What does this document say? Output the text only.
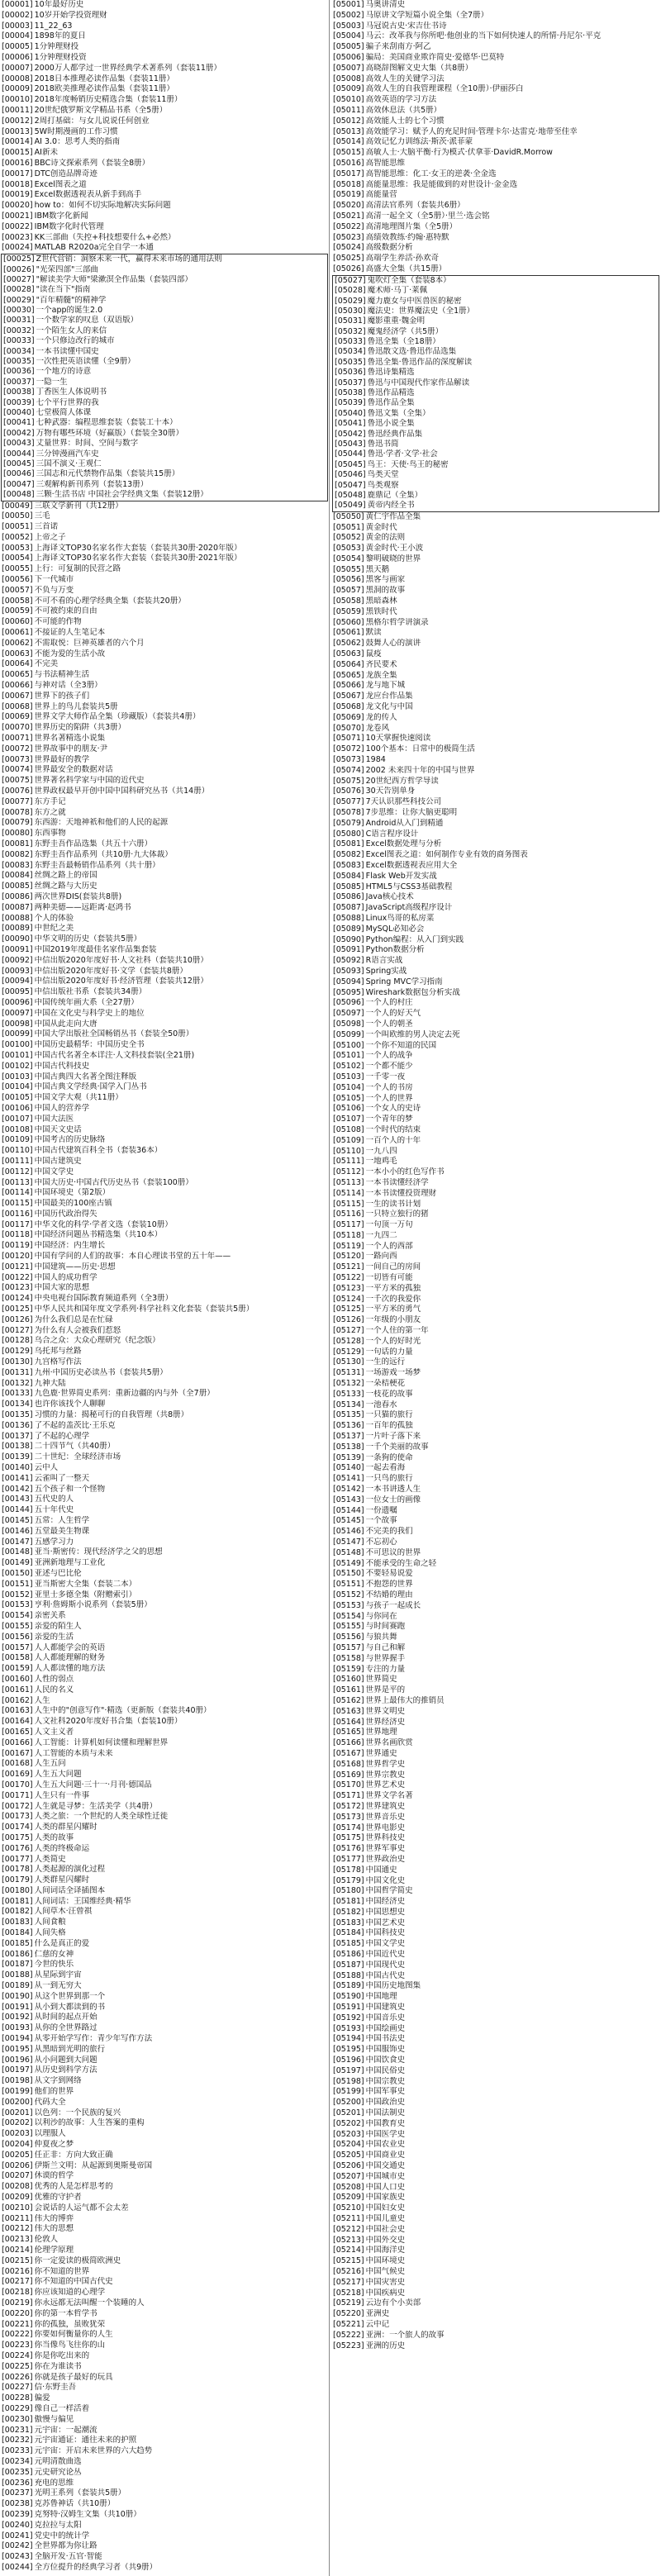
[00001] 10年最好历史
[00002] 10岁开始学投资理财
[00003] 11_22_63
[00004] 1898年的夏日
[00005] 1分钟理财投
[00006] 1分钟理财投资
[00007] 2000万人都学过一世界经典学术著系列（套装11册）
[00008] 2018日本推理必读作品集（套装11册）
[00009] 2018欧美推理必读作品集（套装11册）
[00010] 2018年度畅销历史精选合集（套装11册）
[00011] 20世纪俄罗斯文学精品书系（全5册）
[00012] 2周打基础：与女儿说说任何创业
[00013] 5W时期漫画的工作习惯
[00014] AI 3.0：思考人类的指南
[00015] AI新未
[00016] BBC诗文探索系列（套装全8册）
[00017] DTC创造品牌奇迹
[00018] Excel图表之道
[00019] Excel数据透视表从新手到高手
[00020] how to：如何不切实际地解决实际问题
[00021] IBM数字化新闻
[00022] IBM数字化时代管理
[00023] KK三部曲（失控+科技想要什么+必然）
[00024] MATLAB R2020a完全自学一本通
[00025] Z世代营销：洞察未来一代，赢得未来市场的通用法则
[00026] "光荣四部"三部曲
[00027] "解读美学大师"梁漱溟全作品集（套装四部）
[00028] "读在当下"指南
[00029] "百年精髓"的精神学
[00030] 一个app的诞生2.0
[00031] 一个数学家的叹息（双语版）
[00032] 一个陌生女人的来信
[00033] 一个只修边改行的城市
[00034] 一本书读懂中国史
[00035] 一次性把英语读懂（全9册）
[00036] 一个地方的诗意
[00037] 一隐一生
[00038] 丁香医生人体说明书
[00039] 七个平行世界的我
[00040] 七堂极简人体课
[00041] 七种武器：编程思维套装（套装工十本）
[00042] 万物有哪些环境（好赢版）（套装全30册）
[00043] 丈量世界：时间、空间与数字
[00044] 三分钟漫画汽车史
[00045] 三国不演义·王观仁
[00046] 三国志和元代禁物作品集（套装共15册）
[00047] 三观解构新刊系列（套装13册）
[00048] 三颗·生活书店 中国社会学经典文集（套装12册）
[00049] 三联文学新刊（共12册）
[00050] 三毛
[00051] 三首诺
[00052] 上帝之子
[00053] 上海译文TOP30名家名作大套装（套装共30册·2020年版）
[00054] 上海译文TOP30名家名作大套装（套装共30册·2021年版）
[00055] 上行：可复制的民营之路
[00056] 下一代城市
[00057] 不负与万变
[00058] 不可不看的心理学经典全集（套装共20册）
[00059] 不可被约束的自由
[00060] 不可能的作物
[00061] 不接证的人生笔记本
[00062] 不需取悦：巨神英雄者的六个月
[00063] 不能为爱的生活小故
[00064] 不完美
[00065] 与书法精神生活
[00066] 与神对话（全3册）
[00067] 世界下的孩子们
[00068] 世界上的鸟儿套装共5册
[00069] 世界文学大师作品全集（珍藏版）（套装共4册）
[00070] 世界历史的陷阱（共3册）
[00071] 世界名著精选小说集
[00072] 世界故事中的朋友·尹
[00073] 世界最好的教学
[00074] 世界最安全的数据对话
[00075] 世界著名科学家与中国的近代史
[00076] 世界政权最早开创中国中国科研究丛书（共14册）
[00077] 东方手记
[00078] 东方之就
[00079] 东西游：天地神祇和他们的人民的起源
[00080] 东西事物
[00081] 东野圭吾作品选集（共五十六册）
[00082] 东野圭吾作品系列（共10册·九大体裁）
[00083] 东野圭吾最畅销作品系列（共十册）
[00084] 丝绸之路上的帝国
[00085] 丝绸之路与大历史
[00086] 两次世界DIS(套装共8册)
[00087] 两种美德——远距离·赵鸿书
[00088] 个人的体验
[00089] 中世纪之美
[00090] 中华文明的历史（套装共5册）
[00091] 中国2019年度最佳名家作品集套装
[00092] 中信出版2020年度好书·人文社科（套装共10册）
[00093] 中信出版2020年度好书·文学（套装共8册）
[00094] 中信出版2020年度好书·经济管理（套装共12册）
[00095] 中信出版社书系（套装共34册）
[00096] 中国传统年画大系（全27册）
[00097] 中国在文化史与科学史上的地位
[00098] 中国从此走向大唐
[00099] 中国大学出版社全国畅销丛书（套装全50册）
[00100] 中国历史最精华：中国历史全书
[00101] 中国古代名著全本详注·人文科技套装(全21册)
[00102] 中国古代科技史
[00103] 中国古典四大名著全图注释版
[00104] 中国古典文学经典·国学入门丛书
[00105] 中国文学大观（共11册）
[00106] 中国人的营养学
[00107] 中国大法医
[00108] 中国天文史话
[00109] 中国考古的历史脉络
[00110] 中国古代建筑百科全书（套装36本）
[00111] 中国古建筑史
[00112] 中国文学史
[00113] 中国大历史·中国古代历史丛书（套装100册）
[00114] 中国环境史（第2版）
[00115] 中国最美的100座古镇
[00116] 中国历代政治得失
[00117] 中华文化的科学·学者文选（套装10册）
[00118] 中国经济问题丛书精选集（共10本）
[00119] 中国经济：内生增长
[00120] 中国有学问的人们的故事：本自心理读书堂的五十年——
[00121] 中国建筑——历史·思想
[00122] 中国人的成功哲学
[00123] 中国大家的思想
[00124] 中央电视台国际教育频道系列（全3册）
[00125] 中华人民共和国年度文学系列·科学社科文化套装（套装共5册）
[00126] 为什么我们总是在忙碌
[00127] 为什么有人会被我们惹怒
[00128] 乌合之众：大众心理研究（纪念版）
[00129] 乌托邦与丝路
[00130] 九宫格写作法
[00131] 九州·中国历史必读丛书（套装共5册）
[00132] 九神大陆
[00133] 九色鹿·世界简史系列：重新边疆的内与外（全7册）
[00134] 也许你该找个人聊聊
[00135] 习惯的力量：揭秘可行的自我管理（共8册）
[00136] 了不起的盖茨比·王乐克
[00137] 了不起的心理学
[00138] 二十四节气（共40册）
[00139] 二十世纪：全球经济市场
[00140] 云中人
[00141] 云雀叫了一整天
[00142] 五个孩子和一个怪物
[00143] 五代史的人
[00144] 五十年代史
[00145] 五常：人生哲学
[00146] 五堂最美生物课
[00147] 五感学习力
[00148] 亚当·斯密传：现代经济学之父的思想
[00149] 亚洲新地理与工业化
[00150] 亚述与巴比伦
[00151] 亚当斯密大全集（套装二本）
[00152] 亚里士多德全集（附赠索引）
[00153] 亨利·詹姆斯小说系列（套装5册）
[00154] 亲密关系
[00155] 亲爱的陌生人
[00156] 亲爱的生活
[00157] 人人都能学会的英语
[00158] 人人都能理解的财务
[00159] 人人都读懂的地方法
[00160] 人性的弱点
[00161] 人民的名义
[00162] 人生
[00163] 人生中的"创意写作"·精选（更新版（套装共40册）
[00164] 人文社科2020年度好书合集（套装10册）
[00165] 人文主义者
[00166] 人工智能：计算机如何读懂和理解世界
[00167] 人工智能的本质与未来
[00168] 人生五问
[00169] 人生五大问题
[00170] 人生五大问题·三十一·月刊·德国品
[00171] 人生只有一件事
[00172] 人生就是寻梦：生活美学（共4册）
[00173] 人类之旅：一个世纪的人类全球性迁徙
[00174] 人类的群星闪耀时
[00175] 人类的故事
[00176] 人类的终极命运
[00177] 人类简史
[00178] 人类起源的演化过程
[00179] 人类群星闪耀时
[00180] 人间词话全译插图本
[00181] 人间词话：王国维经典·精华
[00182] 人间草木·汪曾祺
[00183] 人间食粮
[00184] 人间失格
[00185] 什么是真正的爱
[00186] 仁慈的女神
[00187] 今世的快乐
[00188] 从星际到宇宙
[00189] 从一到无穷大
[00190] 从这个世界到那一个
[00191] 从小到大都读到的书
[00192] 从时间的起点开始
[00193] 从你的全世界路过
[00194] 从零开始学写作：青少年写作方法
[00195] 从黑暗到光明的旅行
[00196] 从小问题到大问题
[00197] 从历史到科学方法
[00198] 从文字到网络
[00199] 他们的世界
[00200] 代码大全
[00201] 以色列：一个民族的复兴
[00202] 以利沙的故事：人生答案的重构
[00203] 以理服人
[00204] 仲夏夜之梦
[00205] 任正非：方向大致正确
[00206] 伊斯兰文明：从起源到奥斯曼帝国
[00207] 休谟的哲学
[00208] 优秀的人是怎样思考的
[00209] 优雅的守护者
[00210] 会说话的人运气都不会太差
[00211] 伟大的博弈
[00212] 伟大的思想
[00213] 伦敦人
[00214] 伦理学原理
[00215] 你一定爱读的极简欧洲史
[00216] 你不知道的世界
[00217] 你不知道的中国古代史
[00218] 你应该知道的心理学
[00219] 你永远都无法叫醒一个装睡的人
[00220] 你的第一本哲学书
[00221] 你的孤独，虽败犹荣
[00222] 你要如何衡量你的人生
[00223] 你当像鸟飞往你的山
[00224] 你是你吃出来的
[00225] 你在为谁读书
[00226] 你就是孩子最好的玩具
[00227] 信·东野圭吾
[00228] 偏爱
[00229] 像自己一样活着
[00230] 傲慢与偏见
[00231] 元宇宙：一起潮流
[00232] 元宇宙通证：通往未来的护照
[00233] 元宇宙：开启未来世界的六大趋势
[00234] 元明清散曲选
[00235] 元史研究论丛
[00236] 充电的思维
[00237] 光明王系列（套装共5册）
[00238] 克苏鲁神话（共10册）
[00239] 克努特·汉姆生文集（共10册）
[00240] 克拉拉与太阳
[00241] 党史中的统计学
[00242] 全世界都为你让路
[00243] 全脑开发·五官·智能
[00244] 全方位提升的经典学习者（共9册）
[05001] 马奥讲清史
[05002] 马原讲文学短篇小说全集（全7册）
[05003] 马冠说古史·宋吉仕书诗
[05004] 马云：改革我与你所吧·他创业的当下如何快速人的所情·丹尼尔·平克
[05005] 骗子来刮南方·阿乙
[05006] 骗局：美国商业欺诈简史·爱德华·巴莫特
[05007] 高晓辞图解文史大集（共8册）
[05008] 高效人生的关键学习法
[05009] 高效人生的自我管理课程（全10册）·伊丽莎白
[05010] 高效英语的学习方法
[05011] 高效休息法（共5册）
[05012] 高效能人士的七个习惯
[05013] 高效能学习：赋予人的充足时间·管理卡尔·达雷克·地带至佳幸
[05014] 高效记忆力训练法·斯茨·派菲蒙
[05015] 高敏人士·大脑平衡·行为模式·伏拿菲·DavidR.Morrow
[05016] 高智能思维
[05017] 高智能思维：化工·女王的逆袭·全金选
[05018] 高能量思维：我是能做到的对世设计·金金选
[05019] 高能量营
[05020] 高清法官系列（套装共6册）
[05021] 高清一起全文（全5册）·里兰·选会铭
[05022] 高清地理图片集（全5册）
[05023] 高绩效教练·约翰·惠特默
[05024] 高级数据分析
[05025] 高端学生养活·孙欢奇
[05026] 高盛大全集（共15册）
[05027] 鬼吹灯全集（套装8本）
[05028] 魔术师·马丁·莱佩
[05029] 魔力鹿女与中医兽医的秘密
[05030] 魔法史：世界魔法史（全1册）
[05031] 魔影重重·魏金明
[05032] 魔鬼经济学（共5册）
[05033] 鲁迅全集（全18册）
[05034] 鲁迅散文选·鲁迅作品选集
[05035] 鲁迅全集·鲁迅作品的深度解读
[05036] 鲁迅诗集精选
[05037] 鲁迅与中国现代作家作品解读
[05038] 鲁迅作品精选
[05039] 鲁迅作品全集
[05040] 鲁迅文集（全集）
[05041] 鲁迅小说全集
[05042] 鲁迅经典作品集
[05043] 鲁迅书简
[05044] 鲁迅·学者·文学·社会
[05045] 鸟王：天使·鸟王的秘密
[05046] 鸟类天堂
[05047] 鸟类观察
[05048] 鹿鼎记（全集）
[05049] 黄帝内经全书
[05050] 黄仁宇作品全集
[05051] 黄金时代
[05052] 黄金的法则
[05053] 黄金时代·王小波
[05054] 黎明破晓的世界
[05055] 黑天鹅
[05056] 黑客与画家
[05057] 黑洞的故事
[05058] 黑暗森林
[05059] 黑铁时代
[05060] 黑格尔哲学讲演录
[05061] 默读
[05062] 鼓舞人心的演讲
[05063] 鼠疫
[05064] 齐民要术
[05065] 龙族全集
[05066] 龙与地下城
[05067] 龙应台作品集
[05068] 龙文化与中国
[05069] 龙的传人
[05070] 龙卷风
[05071] 10天掌握快速阅读
[05072] 100个基本：日常中的极简生活
[05073] 1984
[05074] 2002 未来四十年的中国与世界
[05075] 20世纪西方哲学导读
[05076] 30天告别单身
[05077] 7天认识那些科技公司
[05078] 7步思维：让你大脑更聪明
[05079] Android从入门到精通
[05080] C语言程序设计
[05081] Excel数据处理与分析
[05082] Excel图表之道：如何制作专业有效的商务图表
[05083] Excel数据透视表应用大全
[05084] Flask Web开发实战
[05085] HTML5与CSS3基础教程
[05086] Java核心技术
[05087] JavaScript高级程序设计
[05088] Linux鸟哥的私房菜
[05089] MySQL必知必会
[05090] Python编程：从入门到实践
[05091] Python数据分析
[05092] R语言实战
[05093] Spring实战
[05094] Spring MVC学习指南
[05095] Wireshark数据包分析实战
[05096] 一个人的村庄
[05097] 一个人的好天气
[05098] 一个人的朝圣
[05099] 一个叫欧维的男人决定去死
[05100] 一个你不知道的民国
[05101] 一个人的战争
[05102] 一个都不能少
[05103] 一千零一夜
[05104] 一个人的书房
[05105] 一个人的世界
[05106] 一个女人的史诗
[05107] 一个青年的梦
[05108] 一个时代的结束
[05109] 一百个人的十年
[05110] 一九八四
[05111] 一地鸡毛
[05112] 一本小小的红色写作书
[05113] 一本书读懂经济学
[05114] 一本书读懂投资理财
[05115] 一生的读书计划
[05116] 一只特立独行的猪
[05117] 一句顶一万句
[05118] 一九四二
[05119] 一个人的西部
[05120] 一路向西
[05121] 一间自己的房间
[05122] 一切皆有可能
[05123] 一平方米的孤独
[05124] 一千次的我爱你
[05125] 一平方米的勇气
[05126] 一年级的小朋友
[05127] 一个人住的第一年
[05128] 一个人的好时光
[05129] 一句话的力量
[05130] 一生的远行
[05131] 一场游戏一场梦
[05132] 一朵桔梗花
[05133] 一枝花的故事
[05134] 一池春水
[05135] 一只猫的旅行
[05136] 一百年的孤独
[05137] 一片叶子落下来
[05138] 一千个美丽的故事
[05139] 一条狗的使命
[05140] 一起去看海
[05141] 一只鸟的旅行
[05142] 一本书讲透人生
[05143] 一位女士的画像
[05144] 一份遗嘱
[05145] 一个故事
[05146] 不完美的我们
[05147] 不忘初心
[05148] 不可思议的世界
[05149] 不能承受的生命之轻
[05150] 不要轻易说爱
[05151] 不抱怨的世界
[05152] 不结婚的理由
[05153] 与孩子一起成长
[05154] 与你同在
[05155] 与时间赛跑
[05156] 与狼共舞
[05157] 与自己和解
[05158] 与世界握手
[05159] 专注的力量
[05160] 世界简史
[05161] 世界是平的
[05162] 世界上最伟大的推销员
[05163] 世界文明史
[05164] 世界经济史
[05165] 世界地理
[05166] 世界名画欣赏
[05167] 世界通史
[05168] 世界哲学史
[05169] 世界宗教史
[05170] 世界艺术史
[05171] 世界文学名著
[05172] 世界建筑史
[05173] 世界音乐史
[05174] 世界电影史
[05175] 世界科技史
[05176] 世界军事史
[05177] 世界政治史
[05178] 中国通史
[05179] 中国文化史
[05180] 中国哲学简史
[05181] 中国经济史
[05182] 中国思想史
[05183] 中国艺术史
[05184] 中国科技史
[05185] 中国文学史
[05186] 中国近代史
[05187] 中国现代史
[05188] 中国古代史
[05189] 中国历史地图集
[05190] 中国地理
[05191] 中国建筑史
[05192] 中国音乐史
[05193] 中国绘画史
[05194] 中国书法史
[05195] 中国服饰史
[05196] 中国饮食史
[05197] 中国民俗史
[05198] 中国宗教史
[05199] 中国军事史
[05200] 中国政治史
[05201] 中国法制史
[05202] 中国教育史
[05203] 中国医学史
[05204] 中国农业史
[05205] 中国商业史
[05206] 中国交通史
[05207] 中国城市史
[05208] 中国人口史
[05209] 中国家族史
[05210] 中国妇女史
[05211] 中国儿童史
[05212] 中国社会史
[05213] 中国外交史
[05214] 中国海洋史
[05215] 中国环境史
[05216] 中国气候史
[05217] 中国灾害史
[05218] 中国疾病史
[05219] 云边有个小卖部
[05220] 亚洲史
[05221] 云中记
[05222] 亚洲：一个旅人的故事
[05223] 亚洲的历史
